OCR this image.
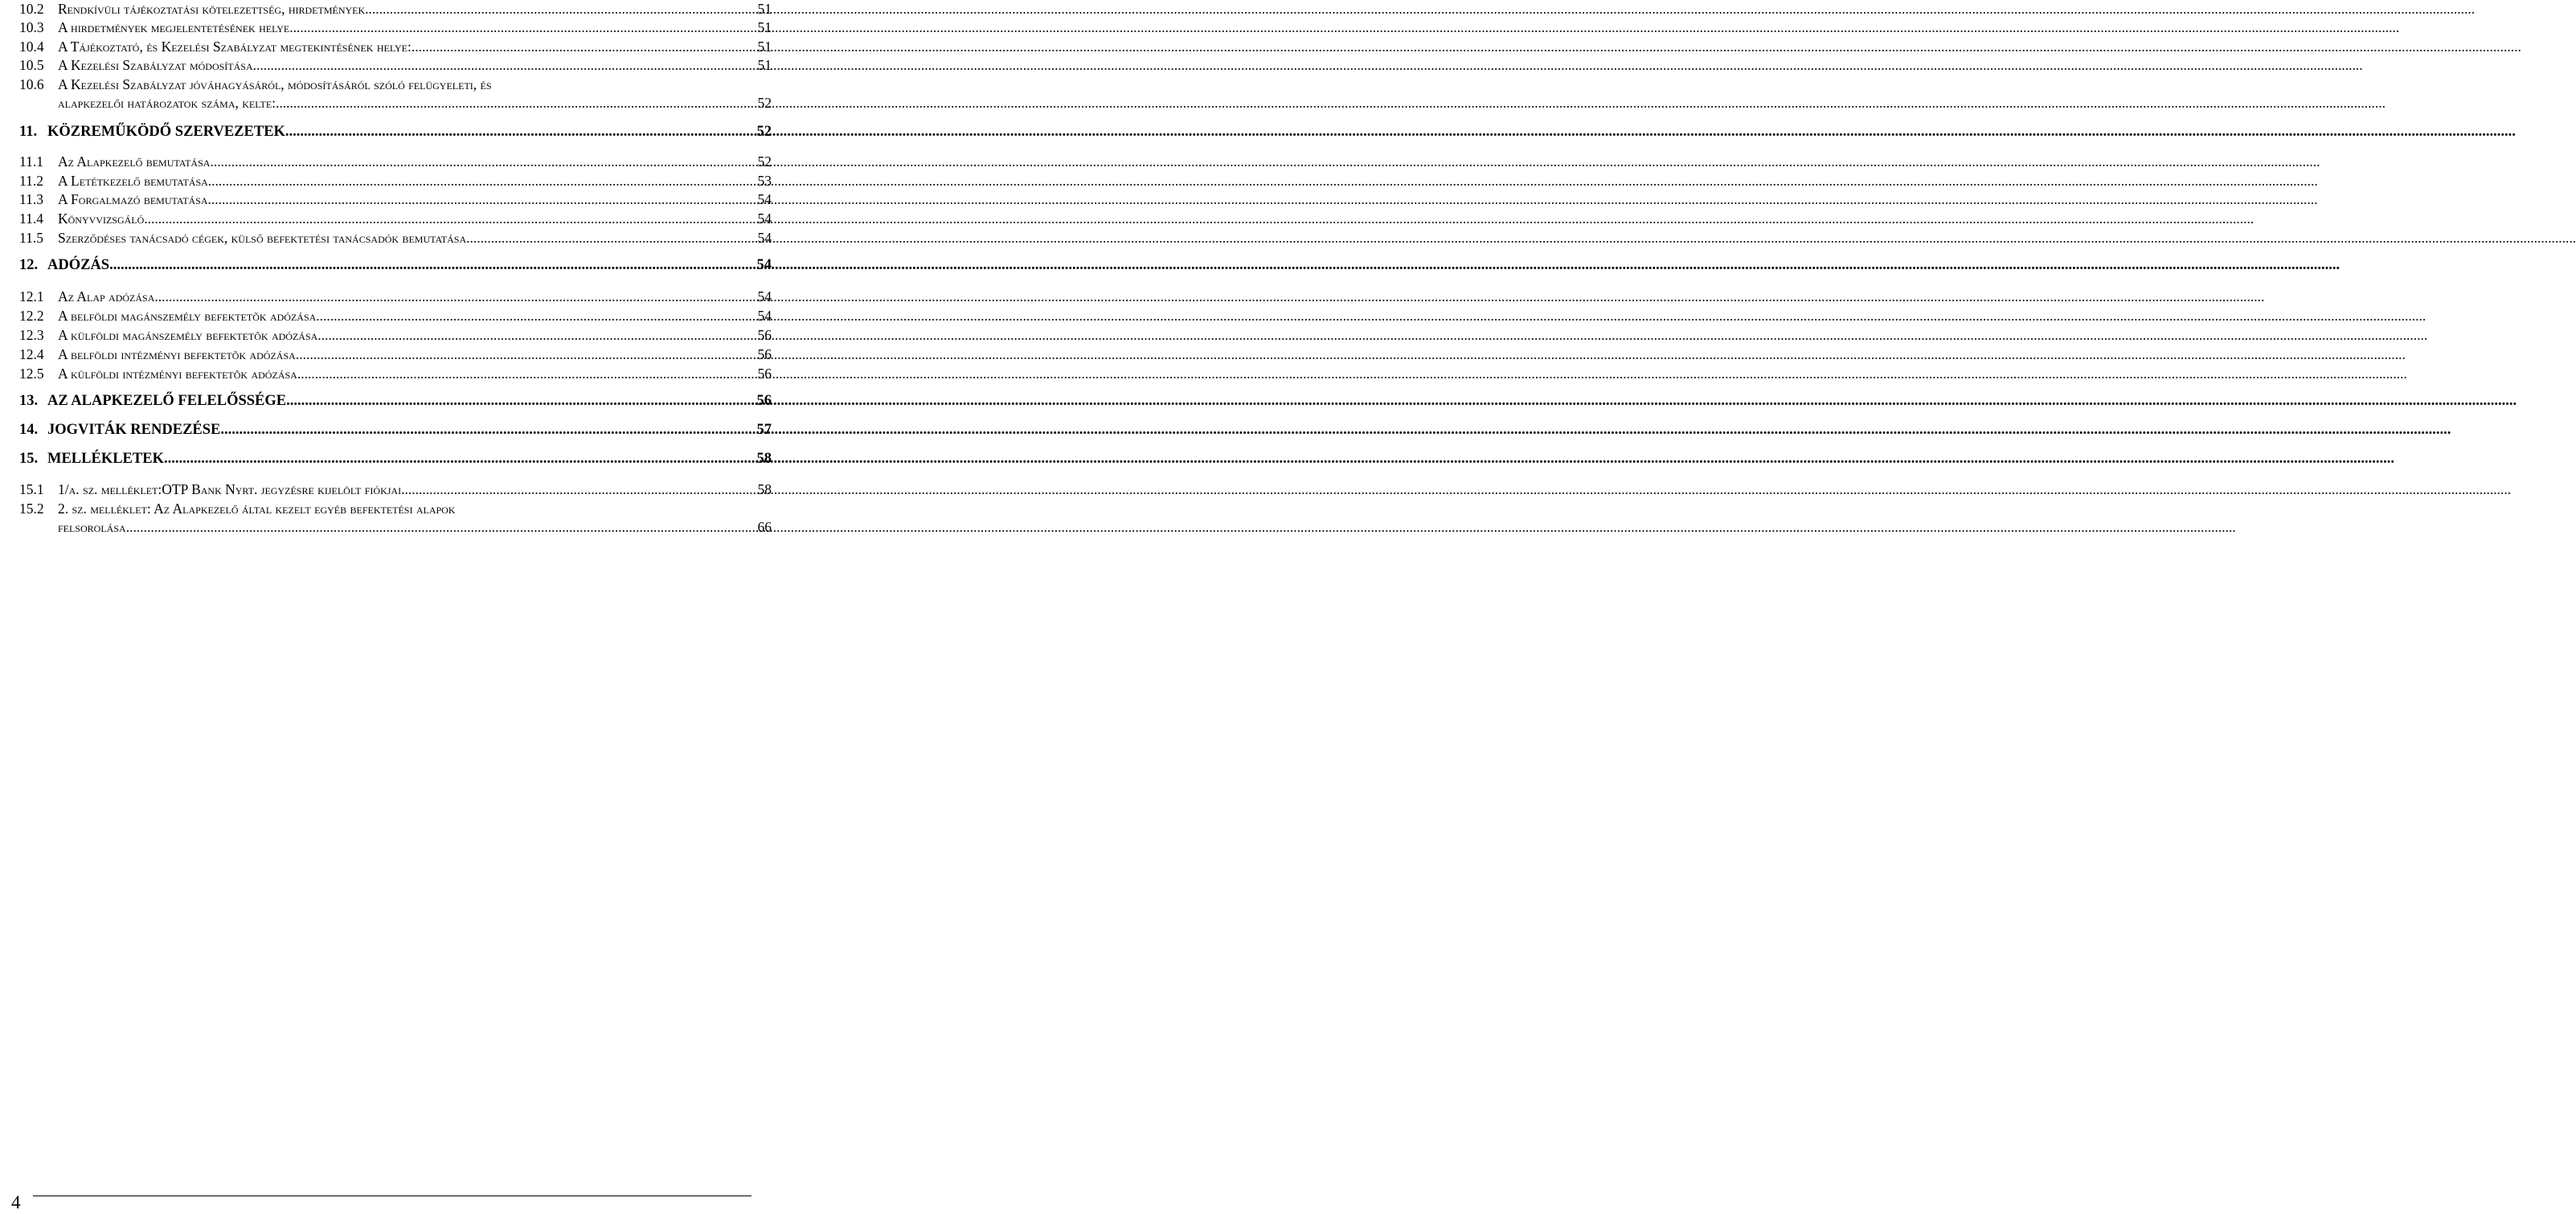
10.2 Rendkívüli tájékoztatási kötelezettség, hirdetmények .....	51
10.3 A hirdetmények megjelentetésének helye .....	51
10.4 A Tájékoztató, és Kezelési Szabályzat megtekintésének helye: .....	51
10.5 A Kezelési Szabályzat módosítása .....	51
10.6 A Kezelési Szabályzat jóváhagyásáról, módosításáról szóló felügyeleti, és
alapkezelői határozatok száma, kelte: .....	52
11. KÖZREMŰKÖDŐ SZERVEZETEK .....	52
11.1	Az Alapkezelő bemutatása .....	52
11.2	A Letétkezelő bemutatása .....	53
11.3	A Forgalmazó bemutatása .....	54
11.4	Könyvvizsgáló .....	54
11.5	Szerződéses tanácsadó cégek, külső befektetési tanácsadók bemutatása .....	54
12. ADÓZÁS .....	54
12.1 Az Alap adózása .....	54
12.2 A belföldi magánszemély befektetõk adózása .....	54
12.3 A külföldi magánszemély befektetõk adózása .....	56
12.4 A belföldi intézményi befektetõk adózása .....	56
12.5 A külföldi intézményi befektetõk adózása .....	56
13. AZ ALAPKEZELŐ FELELŐSSÉGE .....	56
14. JOGVITÁK RENDEZÉSE .....	57
15. MELLÉKLETEK .....	58
15.1 1/a. sz. melléklet:OTP Bank Nyrt. jegyzésre kijelölt fiókjai .....	58
15.2 2. sz. melléklet: Az Alapkezelő által kezelt egyéb befektetési alapok
felsorolása .....	66
4
